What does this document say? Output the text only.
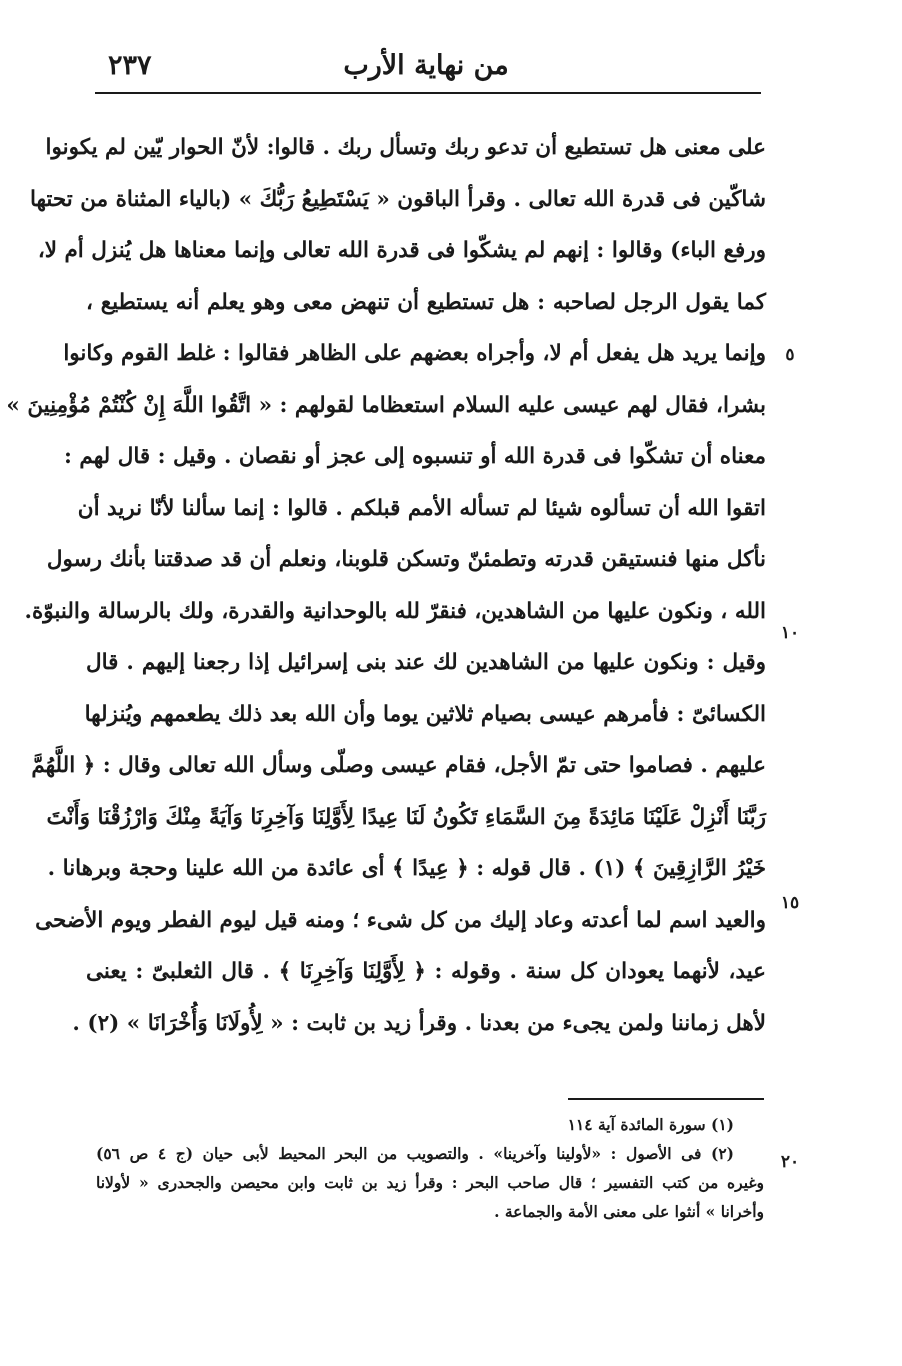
من نهاية الأرب
٢٣٧
٥
١٠
١٥
٢٠
على معنى هل تستطيع أن تدعو ربك وتسأل ربك . قالوا: لأنّ الحوار يّين لم يكونوا
شاكّين فى قدرة الله تعالى . وقرأ الباقون « يَسْتَطِيعُ رَبُّكَ » (بالياء المثناة من تحتها
ورفع الباء) وقالوا : إنهم لم يشكّوا فى قدرة الله تعالى وإنما معناها هل يُنزل أم لا،
كما يقول الرجل لصاحبه : هل تستطيع أن تنهض معى وهو يعلم أنه يستطيع ،
وإنما يريد هل يفعل أم لا، وأجراه بعضهم على الظاهر فقالوا : غلط القوم وكانوا
بشرا، فقال لهم عيسى عليه السلام استعظاما لقولهم : « اتَّقُوا اللَّهَ إِنْ كُنْتُمْ مُؤْمِنِينَ »
معناه أن تشكّوا فى قدرة الله أو تنسبوه إلى عجز أو نقصان . وقيل : قال لهم :
اتقوا الله أن تسألوه شيئا لم تسأله الأمم قبلكم . قالوا : إنما سألنا لأنّا نريد أن
نأكل منها فنستيقن قدرته وتطمئنّ وتسكن قلوبنا، ونعلم أن قد صدقتنا بأنك رسول
الله ، ونكون عليها من الشاهدين، فنقرّ لله بالوحدانية والقدرة، ولك بالرسالة والنبوّة.
وقيل : ونكون عليها من الشاهدين لك عند بنى إسرائيل إذا رجعنا إليهم . قال
الكسائىّ : فأمرهم عيسى بصيام ثلاثين يوما وأن الله بعد ذلك يطعمهم ويُنزلها
عليهم . فصاموا حتى تمّ الأجل، فقام عيسى وصلّى وسأل الله تعالى وقال : ﴿ اللَّهُمَّ
رَبَّنَا أَنْزِلْ عَلَيْنَا مَائِدَةً مِنَ السَّمَاءِ تَكُونُ لَنَا عِيدًا لِأَوَّلِنَا وَآخِرِنَا وَآيَةً مِنْكَ وَارْزُقْنَا وَأَنْتَ
خَيْرُ الرَّازِقِينَ ﴾ (١) . قال قوله : ﴿ عِيدًا ﴾ أى عائدة من الله علينا وحجة وبرهانا .
والعيد اسم لما أعدته وعاد إليك من كل شىء ؛ ومنه قيل ليوم الفطر ويوم الأضحى
عيد، لأنهما يعودان كل سنة . وقوله : ﴿ لِأَوَّلِنَا وَآخِرِنَا ﴾ . قال الثعلبىّ : يعنى
لأهل زماننا ولمن يجىء من بعدنا . وقرأ زيد بن ثابت : « لِأُولَانَا وَأُخْرَانَا » (٢) .
(١) سورة المائدة آية ١١٤
(٢) فى الأصول : «لأولينا وآخرينا» . والتصويب من البحر المحيط لأبى حيان (ج ٤ ص ٥٦)
وغيره من كتب التفسير ؛ قال صاحب البحر : وقرأ زيد بن ثابت وابن محيصن والجحدرى « لأولانا
وأخرانا » أنثوا على معنى الأمة والجماعة .
